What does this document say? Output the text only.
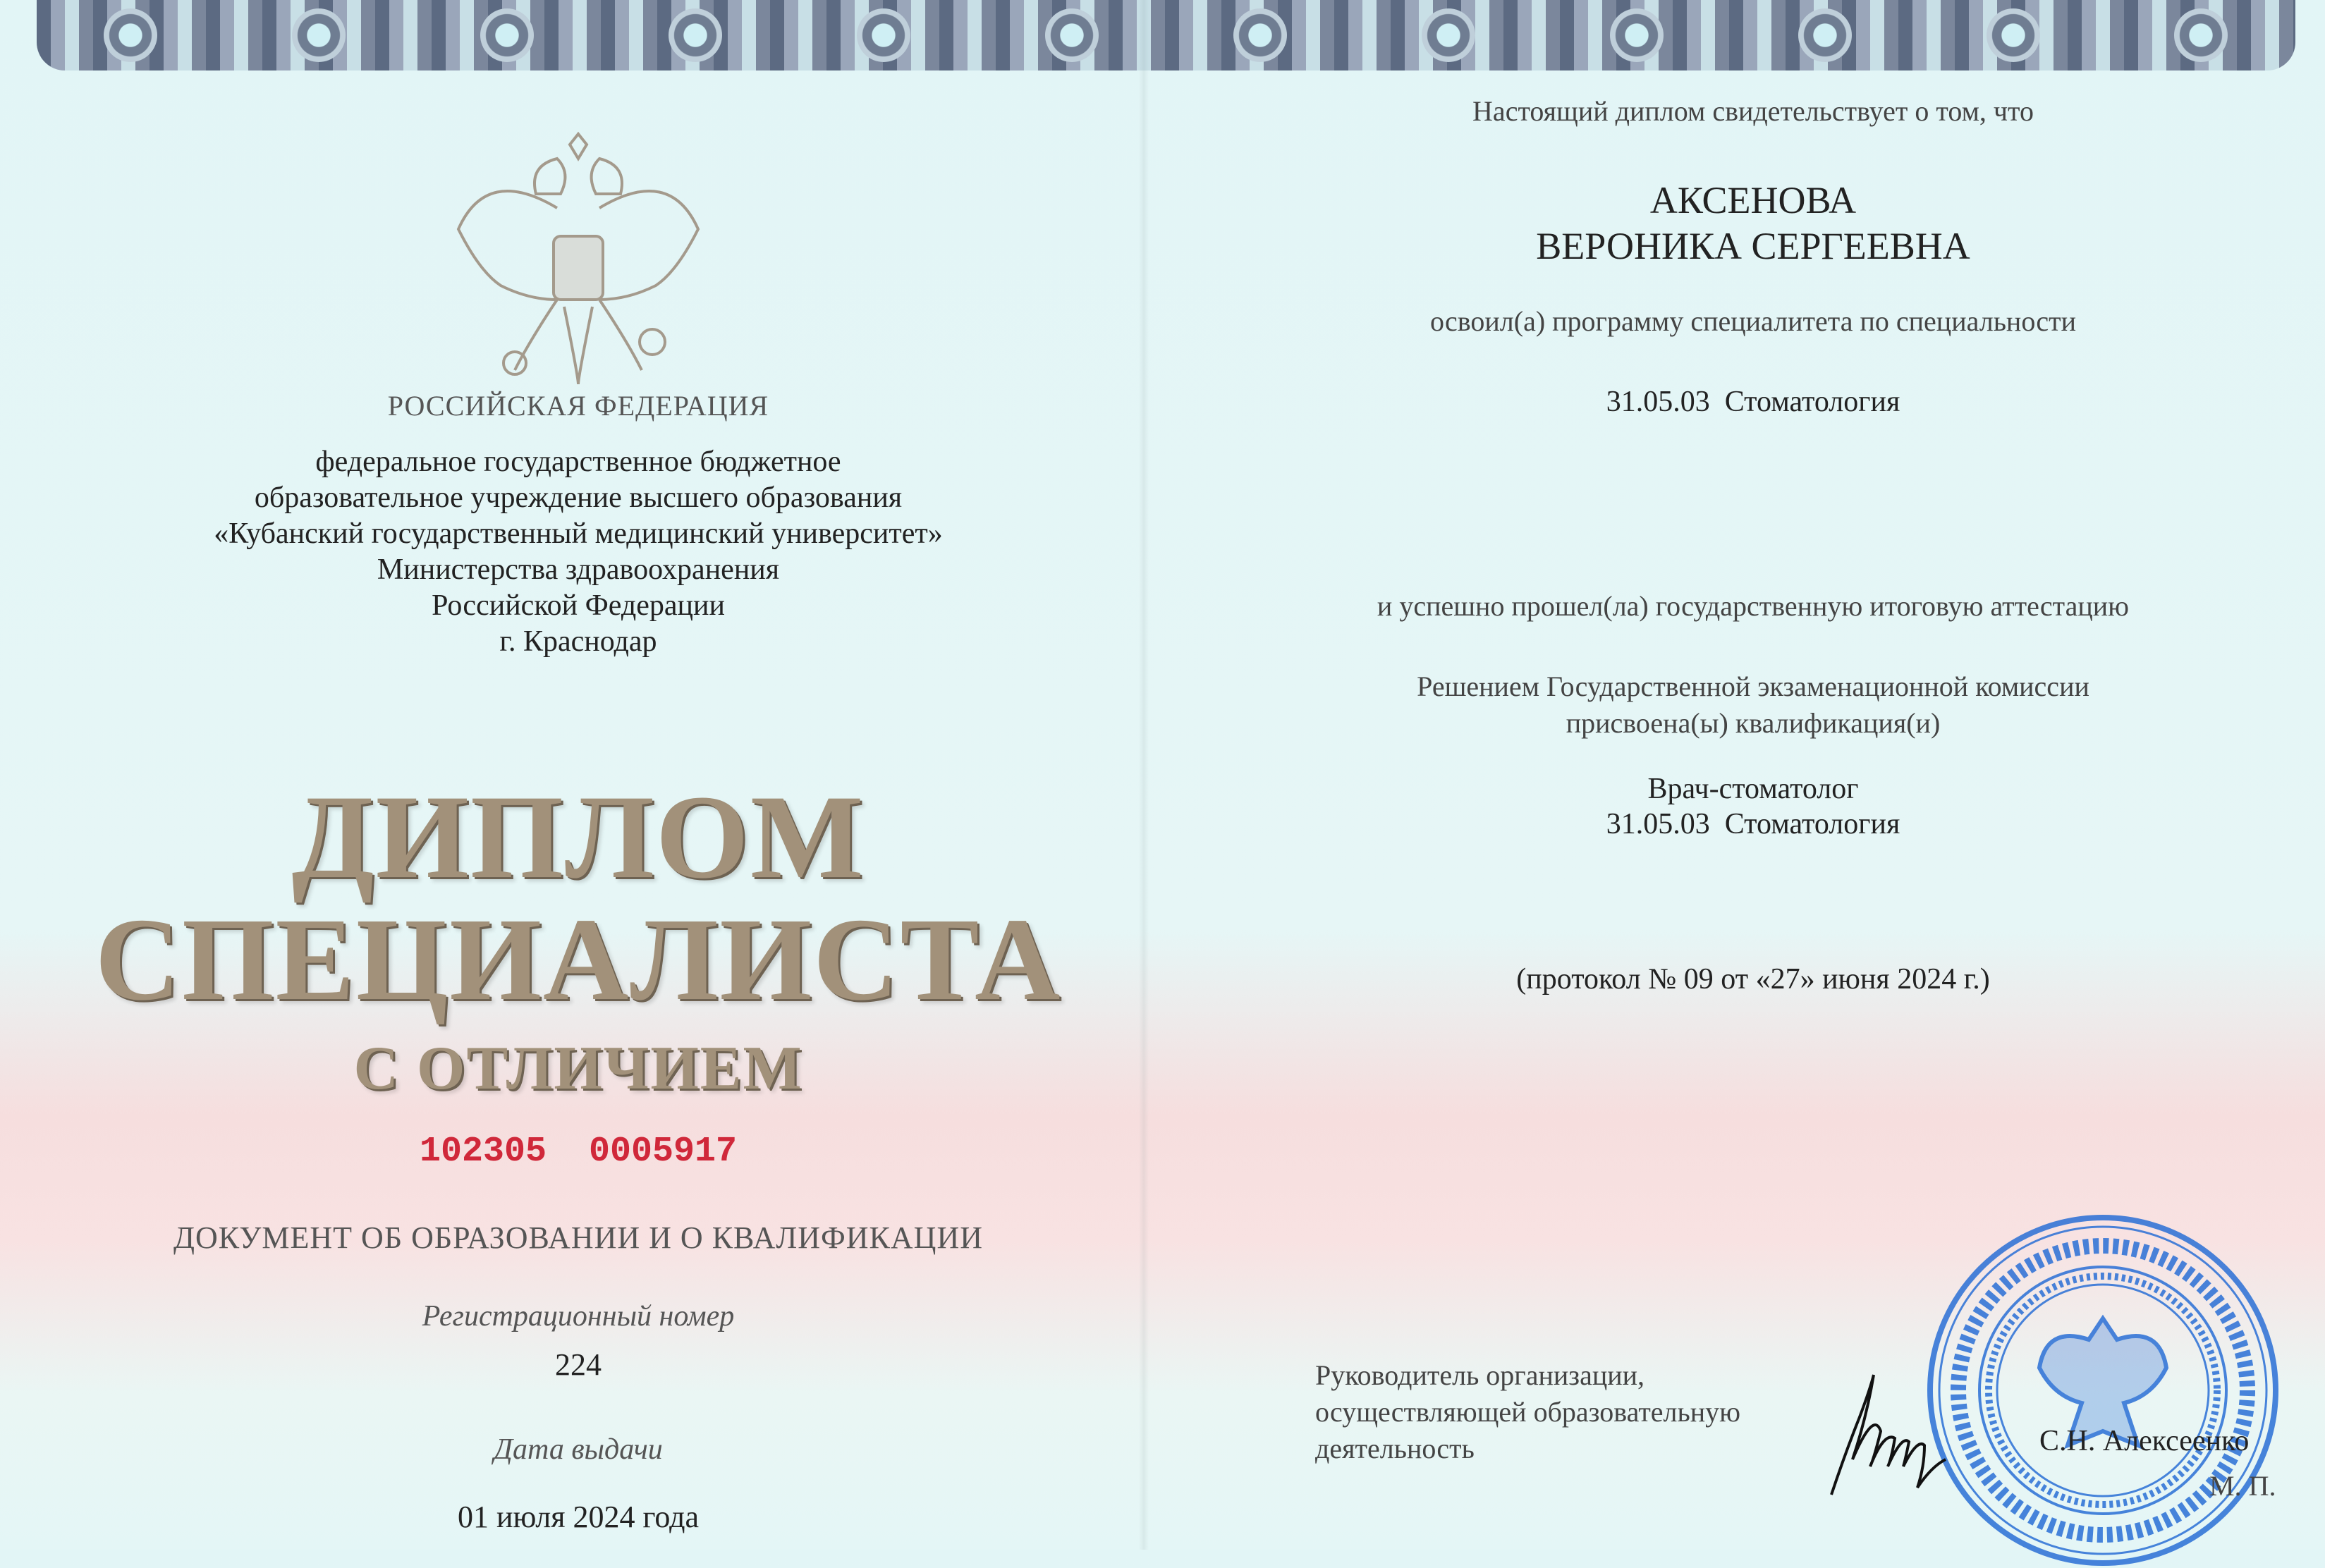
РОССИЙСКАЯ ФЕДЕРАЦИЯ
федеральное государственное бюджетное
образовательное учреждение высшего образования
«Кубанский государственный медицинский университет»
Министерства здравоохранения
Российской Федерации
г. Краснодар
ДИПЛОМ
СПЕЦИАЛИСТА
С ОТЛИЧИЕМ
102305  0005917
ДОКУМЕНТ ОБ ОБРАЗОВАНИИ И О КВАЛИФИКАЦИИ
Регистрационный номер
224
Дата выдачи
01 июля 2024 года
Настоящий диплом свидетельствует о том, что
АКСЕНОВА
ВЕРОНИКА СЕРГЕЕВНА
освоил(а) программу специалитета по специальности
31.05.03  Стоматология
и успешно прошел(ла) государственную итоговую аттестацию
Решением Государственной экзаменационной комиссии
присвоена(ы) квалификация(и)
Врач-стоматолог
31.05.03  Стоматология
(протокол № 09 от «27» июня 2024 г.)
Руководитель организации,
осуществляющей образовательную
деятельность	С.Н. Алексеенко
М. П.
